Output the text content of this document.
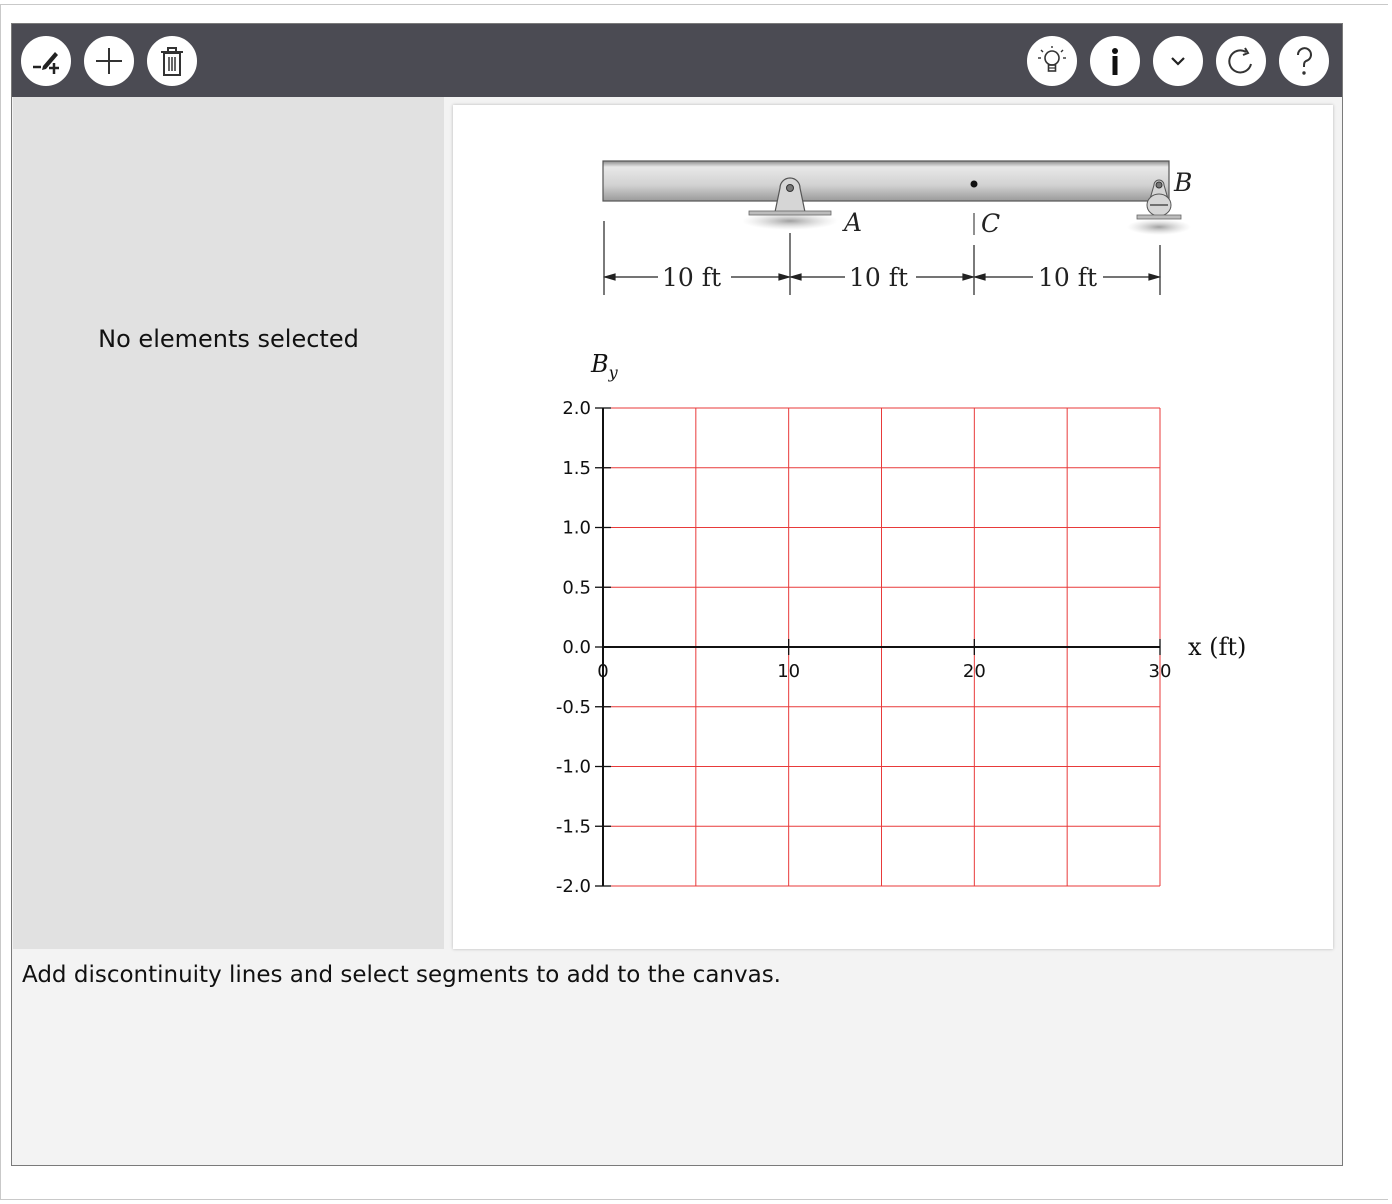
No elements selected
A	C
B
10 ft	10 ft	10 ft
2.0
1.5
1.0
0.5
0.0
-0.5
-1.0
-1.5
-2.0
0	10	20	30
$B_y$
x (ft)
Add discontinuity lines and select segments to add to the canvas.
